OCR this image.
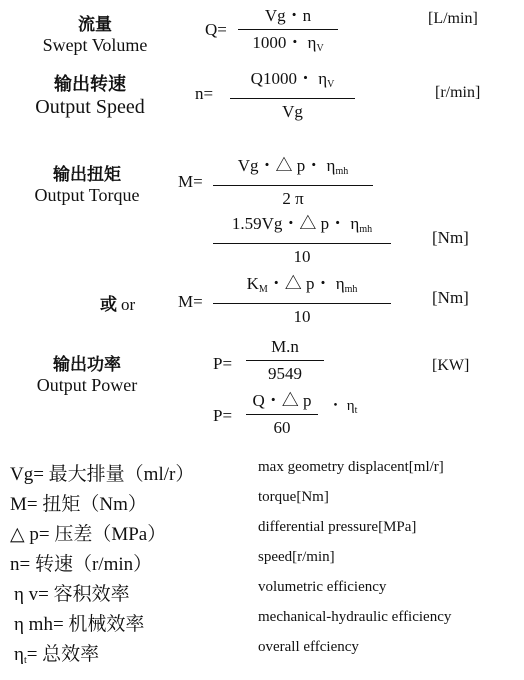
流量
Swept Volume
Q=
Vg・n
1000・ $\eta_V$
[L/min]
输出转速
Output Speed
n=
Q1000・ $\eta_V$
Vg
[r/min]
输出扭矩
Output Torque
M=
Vg・△ p・ $\eta_{mh}$
2 π
1.59Vg・△ p・ $\eta_{mh}$
10
[Nm]
或 or	M=
$K_M$・△ p・ $\eta_{mh}$
10
[Nm]
输出功率
Output Power
P=
M.n
9549	[KW]
P=
Q・△ p
60
・ $\eta_t$
Vg= 最大排量（ml/r）	max geometry displacent[ml/r]
M= 扭矩（Nm）	torque[Nm]
△ p= 压差（MPa）	differential pressure[MPa]
n= 转速（r/min）	speed[r/min]
η v= 容积效率	volumetric efficiency
η mh= 机械效率	mechanical-hydraulic efficiency
$\eta_t=$ 总效率	overall effciency
